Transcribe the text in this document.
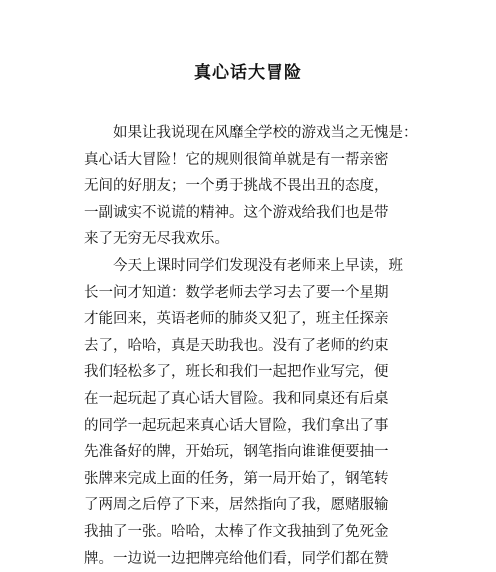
真心话大冒险
　　如果让我说现在风靡全学校的游戏当之无愧是：
真心话大冒险！它的规则很简单就是有一帮亲密
无间的好朋友；一个勇于挑战不畏出丑的态度，
一副诚实不说谎的精神。这个游戏给我们也是带
来了无穷无尽我欢乐。
　　今天上课时同学们发现没有老师来上早读，班
长一问才知道：数学老师去学习去了要一个星期
才能回来，英语老师的肺炎又犯了，班主任探亲
去了，哈哈，真是天助我也。没有了老师的约束
我们轻松多了，班长和我们一起把作业写完，便
在一起玩起了真心话大冒险。我和同桌还有后桌
的同学一起玩起来真心话大冒险，我们拿出了事
先准备好的牌，开始玩，钢笔指向谁谁便要抽一
张牌来完成上面的任务，第一局开始了，钢笔转
了两周之后停了下来，居然指向了我，愿赌服输
我抽了一张。哈哈，太棒了作文我抽到了免死金
牌。一边说一边把牌亮给他们看，同学们都在赞
